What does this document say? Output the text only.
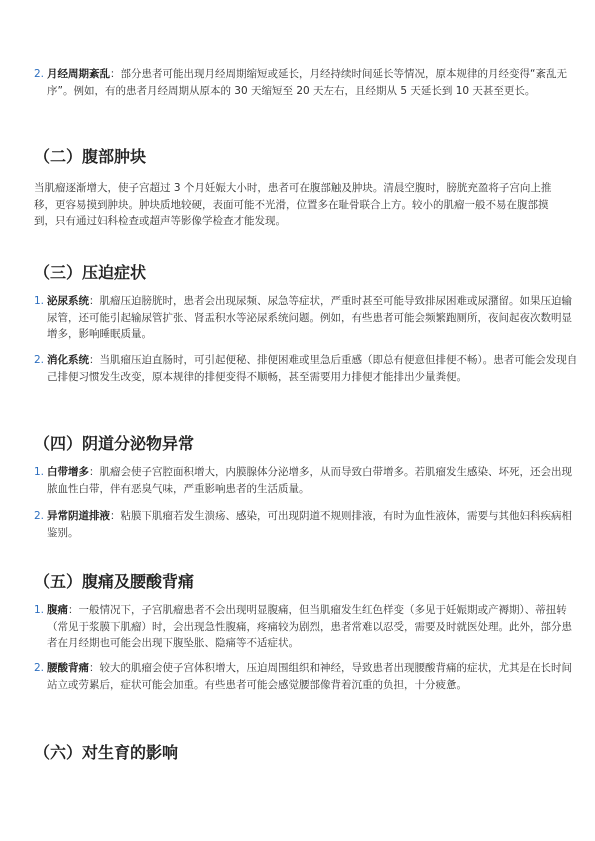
2. 月经周期紊乱：部分患者可能出现月经周期缩短或延长，月经持续时间延长等情况，原本规律的月经变得“紊乱无序”。例如，有的患者月经周期从原本的 30 天缩短至 20 天左右，且经期从 5 天延长到 10 天甚至更长。
（二）腹部肿块

当肌瘤逐渐增大，使子宫超过 3 个月妊娠大小时，患者可在腹部触及肿块。清晨空腹时，膀胱充盈将子宫向上推移，更容易摸到肿块。肿块质地较硬，表面可能不光滑，位置多在耻骨联合上方。较小的肌瘤一般不易在腹部摸到，只有通过妇科检查或超声等影像学检查才能发现。

（三）压迫症状
1. 泌尿系统：肌瘤压迫膀胱时，患者会出现尿频、尿急等症状，严重时甚至可能导致排尿困难或尿潴留。如果压迫输尿管，还可能引起输尿管扩张、肾盂积水等泌尿系统问题。例如，有些患者可能会频繁跑厕所，夜间起夜次数明显增多，影响睡眠质量。
2. 消化系统：当肌瘤压迫直肠时，可引起便秘、排便困难或里急后重感（即总有便意但排便不畅）。患者可能会发现自己排便习惯发生改变，原本规律的排便变得不顺畅，甚至需要用力排便才能排出少量粪便。
（四）阴道分泌物异常
1. 白带增多：肌瘤会使子宫腔面积增大，内膜腺体分泌增多，从而导致白带增多。若肌瘤发生感染、坏死，还会出现脓血性白带，伴有恶臭气味，严重影响患者的生活质量。
2. 异常阴道排液：粘膜下肌瘤若发生溃疡、感染，可出现阴道不规则排液，有时为血性液体，需要与其他妇科疾病相鉴别。
（五）腹痛及腰酸背痛
1. 腹痛：一般情况下，子宫肌瘤患者不会出现明显腹痛，但当肌瘤发生红色样变（多见于妊娠期或产褥期）、蒂扭转（常见于浆膜下肌瘤）时，会出现急性腹痛，疼痛较为剧烈，患者常难以忍受，需要及时就医处理。此外，部分患者在月经期也可能会出现下腹坠胀、隐痛等不适症状。
2. 腰酸背痛：较大的肌瘤会使子宫体积增大，压迫周围组织和神经，导致患者出现腰酸背痛的症状，尤其是在长时间站立或劳累后，症状可能会加重。有些患者可能会感觉腰部像背着沉重的负担，十分疲惫。
（六）对生育的影响
